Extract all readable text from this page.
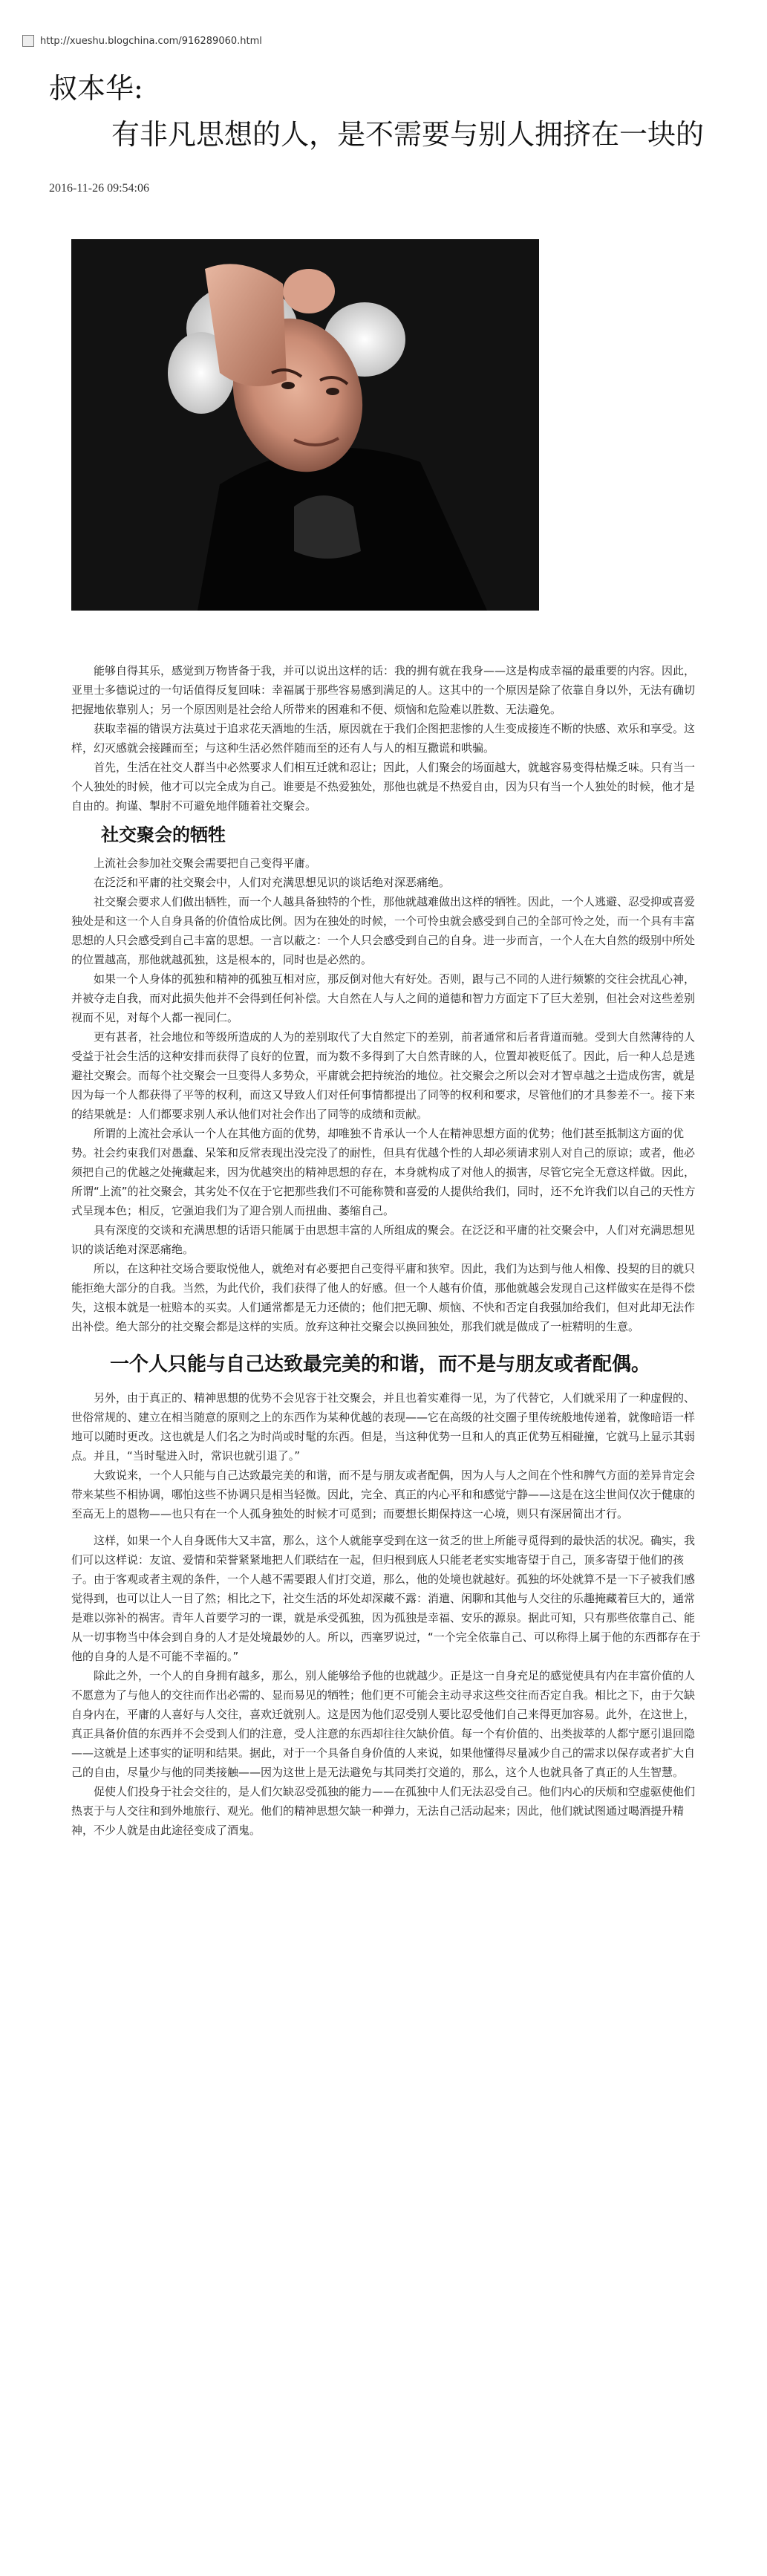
http://xueshu.blogchina.com/916289060.html
叔本华:
有非凡思想的人，是不需要与别人拥挤在一块的
2016-11-26 09:54:06

能够自得其乐，感觉到万物皆备于我，并可以说出这样的话：我的拥有就在我身——这是构成幸福的最重要的内容。因此，亚里士多德说过的一句话值得反复回味：幸福属于那些容易感到满足的人。这其中的一个原因是除了依靠自身以外，无法有确切把握地依靠别人；另一个原因则是社会给人所带来的困难和不便、烦恼和危险难以胜数、无法避免。

获取幸福的错误方法莫过于追求花天酒地的生活，原因就在于我们企图把悲惨的人生变成接连不断的快感、欢乐和享受。这样，幻灭感就会接踵而至；与这种生活必然伴随而至的还有人与人的相互撒谎和哄骗。

首先，生活在社交人群当中必然要求人们相互迁就和忍让；因此，人们聚会的场面越大，就越容易变得枯燥乏味。只有当一个人独处的时候，他才可以完全成为自己。谁要是不热爱独处，那他也就是不热爱自由，因为只有当一个人独处的时候，他才是自由的。拘谨、掣肘不可避免地伴随着社交聚会。

社交聚会的牺牲

上流社会参加社交聚会需要把自己变得平庸。

在泛泛和平庸的社交聚会中，人们对充满思想见识的谈话绝对深恶痛绝。

社交聚会要求人们做出牺牲，而一个人越具备独特的个性，那他就越难做出这样的牺牲。因此，一个人逃避、忍受抑或喜爱独处是和这一个人自身具备的价值恰成比例。因为在独处的时候，一个可怜虫就会感受到自己的全部可怜之处，而一个具有丰富思想的人只会感受到自己丰富的思想。一言以蔽之：一个人只会感受到自己的自身。进一步而言，一个人在大自然的级别中所处的位置越高，那他就越孤独，这是根本的，同时也是必然的。

如果一个人身体的孤独和精神的孤独互相对应，那反倒对他大有好处。否则，跟与己不同的人进行频繁的交往会扰乱心神，并被夺走自我，而对此损失他并不会得到任何补偿。大自然在人与人之间的道德和智力方面定下了巨大差别，但社会对这些差别视而不见，对每个人都一视同仁。

更有甚者，社会地位和等级所造成的人为的差别取代了大自然定下的差别，前者通常和后者背道而驰。受到大自然薄待的人受益于社会生活的这种安排而获得了良好的位置，而为数不多得到了大自然青睐的人，位置却被贬低了。因此，后一种人总是逃避社交聚会。而每个社交聚会一旦变得人多势众，平庸就会把持统治的地位。社交聚会之所以会对才智卓越之士造成伤害，就是因为每一个人都获得了平等的权利，而这又导致人们对任何事情都提出了同等的权利和要求，尽管他们的才具参差不一。接下来的结果就是：人们都要求别人承认他们对社会作出了同等的成绩和贡献。

所谓的上流社会承认一个人在其他方面的优势，却唯独不肯承认一个人在精神思想方面的优势；他们甚至抵制这方面的优势。社会约束我们对愚蠢、呆笨和反常表现出没完没了的耐性，但具有优越个性的人却必须请求别人对自己的原谅；或者，他必须把自己的优越之处掩藏起来，因为优越突出的精神思想的存在，本身就构成了对他人的损害，尽管它完全无意这样做。因此，所谓“上流”的社交聚会，其劣处不仅在于它把那些我们不可能称赞和喜爱的人提供给我们，同时，还不允许我们以自己的天性方式呈现本色；相反，它强迫我们为了迎合别人而扭曲、萎缩自己。

具有深度的交谈和充满思想的话语只能属于由思想丰富的人所组成的聚会。在泛泛和平庸的社交聚会中，人们对充满思想见识的谈话绝对深恶痛绝。

所以，在这种社交场合要取悦他人，就绝对有必要把自己变得平庸和狭窄。因此，我们为达到与他人相像、投契的目的就只能拒绝大部分的自我。当然，为此代价，我们获得了他人的好感。但一个人越有价值，那他就越会发现自己这样做实在是得不偿失，这根本就是一桩赔本的买卖。人们通常都是无力还债的；他们把无聊、烦恼、不快和否定自我强加给我们，但对此却无法作出补偿。绝大部分的社交聚会都是这样的实质。放弃这种社交聚会以换回独处，那我们就是做成了一桩精明的生意。

一个人只能与自己达致最完美的和谐，而不是与朋友或者配偶。

另外，由于真正的、精神思想的优势不会见容于社交聚会，并且也着实难得一见，为了代替它，人们就采用了一种虚假的、世俗常规的、建立在相当随意的原则之上的东西作为某种优越的表现——它在高级的社交圈子里传统般地传递着，就像暗语一样地可以随时更改。这也就是人们名之为时尚或时髦的东西。但是，当这种优势一旦和人的真正优势互相碰撞，它就马上显示其弱点。并且，“当时髦进入时，常识也就引退了。”

大致说来，一个人只能与自己达致最完美的和谐，而不是与朋友或者配偶，因为人与人之间在个性和脾气方面的差异肯定会带来某些不相协调，哪怕这些不协调只是相当轻微。因此，完全、真正的内心平和和感觉宁静——这是在这尘世间仅次于健康的至高无上的恩物——也只有在一个人孤身独处的时候才可觅到；而要想长期保持这一心境，则只有深居简出才行。

这样，如果一个人自身既伟大又丰富，那么，这个人就能享受到在这一贫乏的世上所能寻觅得到的最快活的状况。确实，我们可以这样说：友谊、爱情和荣誉紧紧地把人们联结在一起，但归根到底人只能老老实实地寄望于自己，顶多寄望于他们的孩子。由于客观或者主观的条件，一个人越不需要跟人们打交道，那么，他的处境也就越好。孤独的坏处就算不是一下子被我们感觉得到，也可以让人一目了然；相比之下，社交生活的坏处却深藏不露：消遣、闲聊和其他与人交往的乐趣掩藏着巨大的，通常是难以弥补的祸害。青年人首要学习的一课，就是承受孤独，因为孤独是幸福、安乐的源泉。据此可知，只有那些依靠自己、能从一切事物当中体会到自身的人才是处境最妙的人。所以，西塞罗说过，“一个完全依靠自己、可以称得上属于他的东西都存在于他的自身的人是不可能不幸福的。”

除此之外，一个人的自身拥有越多，那么，别人能够给予他的也就越少。正是这一自身充足的感觉使具有内在丰富价值的人不愿意为了与他人的交往而作出必需的、显而易见的牺牲；他们更不可能会主动寻求这些交往而否定自我。相比之下，由于欠缺自身内在，平庸的人喜好与人交往，喜欢迁就别人。这是因为他们忍受别人要比忍受他们自己来得更加容易。此外，在这世上，真正具备价值的东西并不会受到人们的注意，受人注意的东西却往往欠缺价值。每一个有价值的、出类拔萃的人都宁愿引退回隐——这就是上述事实的证明和结果。据此，对于一个具备自身价值的人来说，如果他懂得尽量减少自己的需求以保存或者扩大自己的自由，尽量少与他的同类接触——因为这世上是无法避免与其同类打交道的，那么，这个人也就具备了真正的人生智慧。

促使人们投身于社会交往的，是人们欠缺忍受孤独的能力——在孤独中人们无法忍受自己。他们内心的厌烦和空虚驱使他们热衷于与人交往和到外地旅行、观光。他们的精神思想欠缺一种弹力，无法自己活动起来；因此，他们就试图通过喝酒提升精神，不少人就是由此途径变成了酒鬼。
